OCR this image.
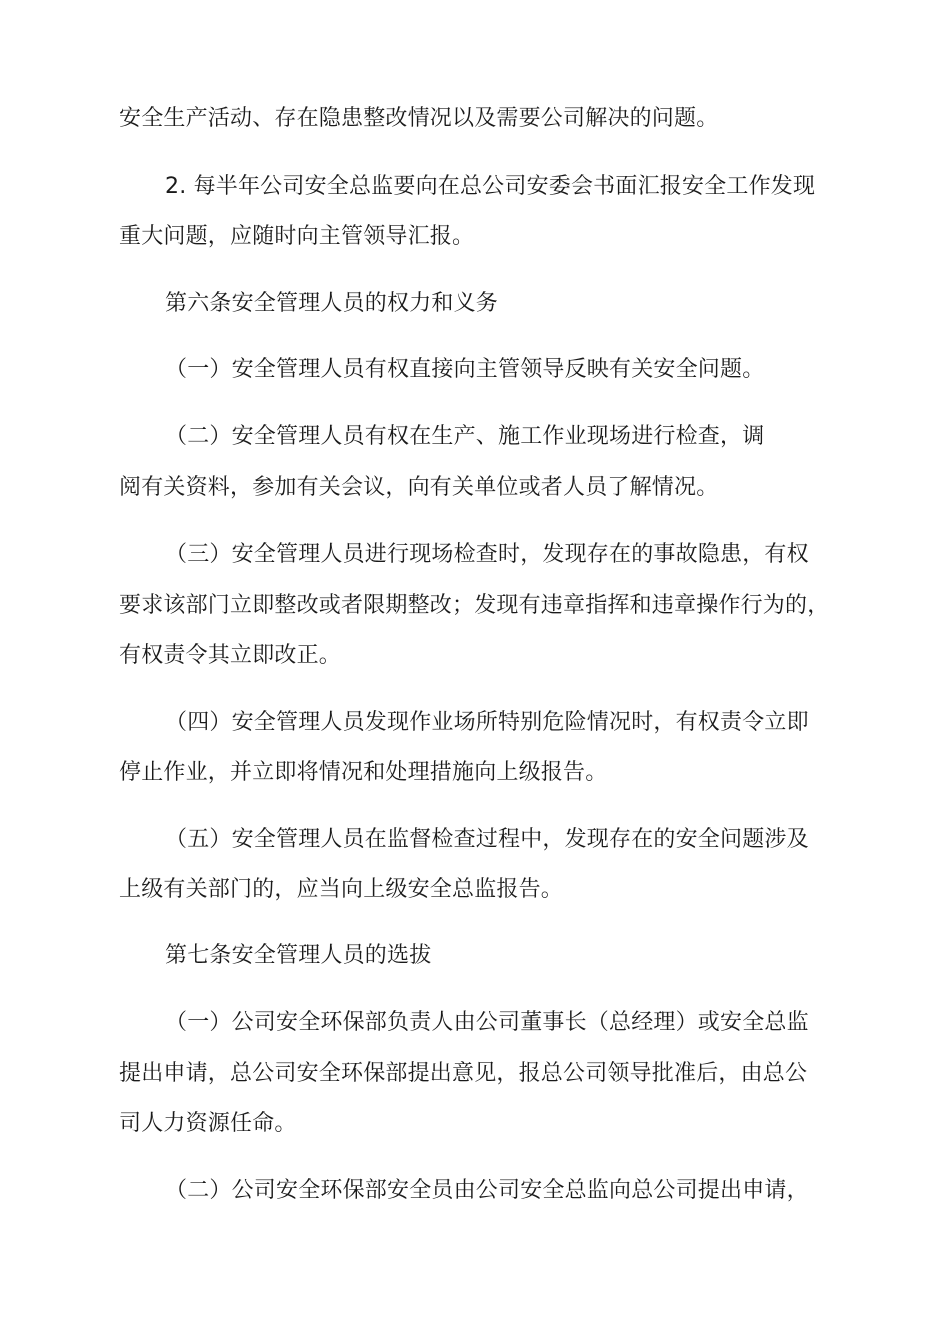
安全生产活动、存在隐患整改情况以及需要公司解决的问题。
2. 每半年公司安全总监要向在总公司安委会书面汇报安全工作发现
重大问题，应随时向主管领导汇报。
第六条安全管理人员的权力和义务
（一）安全管理人员有权直接向主管领导反映有关安全问题。
（二）安全管理人员有权在生产、施工作业现场进行检查，调
阅有关资料，参加有关会议，向有关单位或者人员了解情况。
（三）安全管理人员进行现场检查时，发现存在的事故隐患，有权
要求该部门立即整改或者限期整改；发现有违章指挥和违章操作行为的，
有权责令其立即改正。
（四）安全管理人员发现作业场所特别危险情况时，有权责令立即
停止作业，并立即将情况和处理措施向上级报告。
（五）安全管理人员在监督检查过程中，发现存在的安全问题涉及
上级有关部门的，应当向上级安全总监报告。
第七条安全管理人员的选拔
（一）公司安全环保部负责人由公司董事长（总经理）或安全总监
提出申请，总公司安全环保部提出意见，报总公司领导批准后，由总公
司人力资源任命。
（二）公司安全环保部安全员由公司安全总监向总公司提出申请，
